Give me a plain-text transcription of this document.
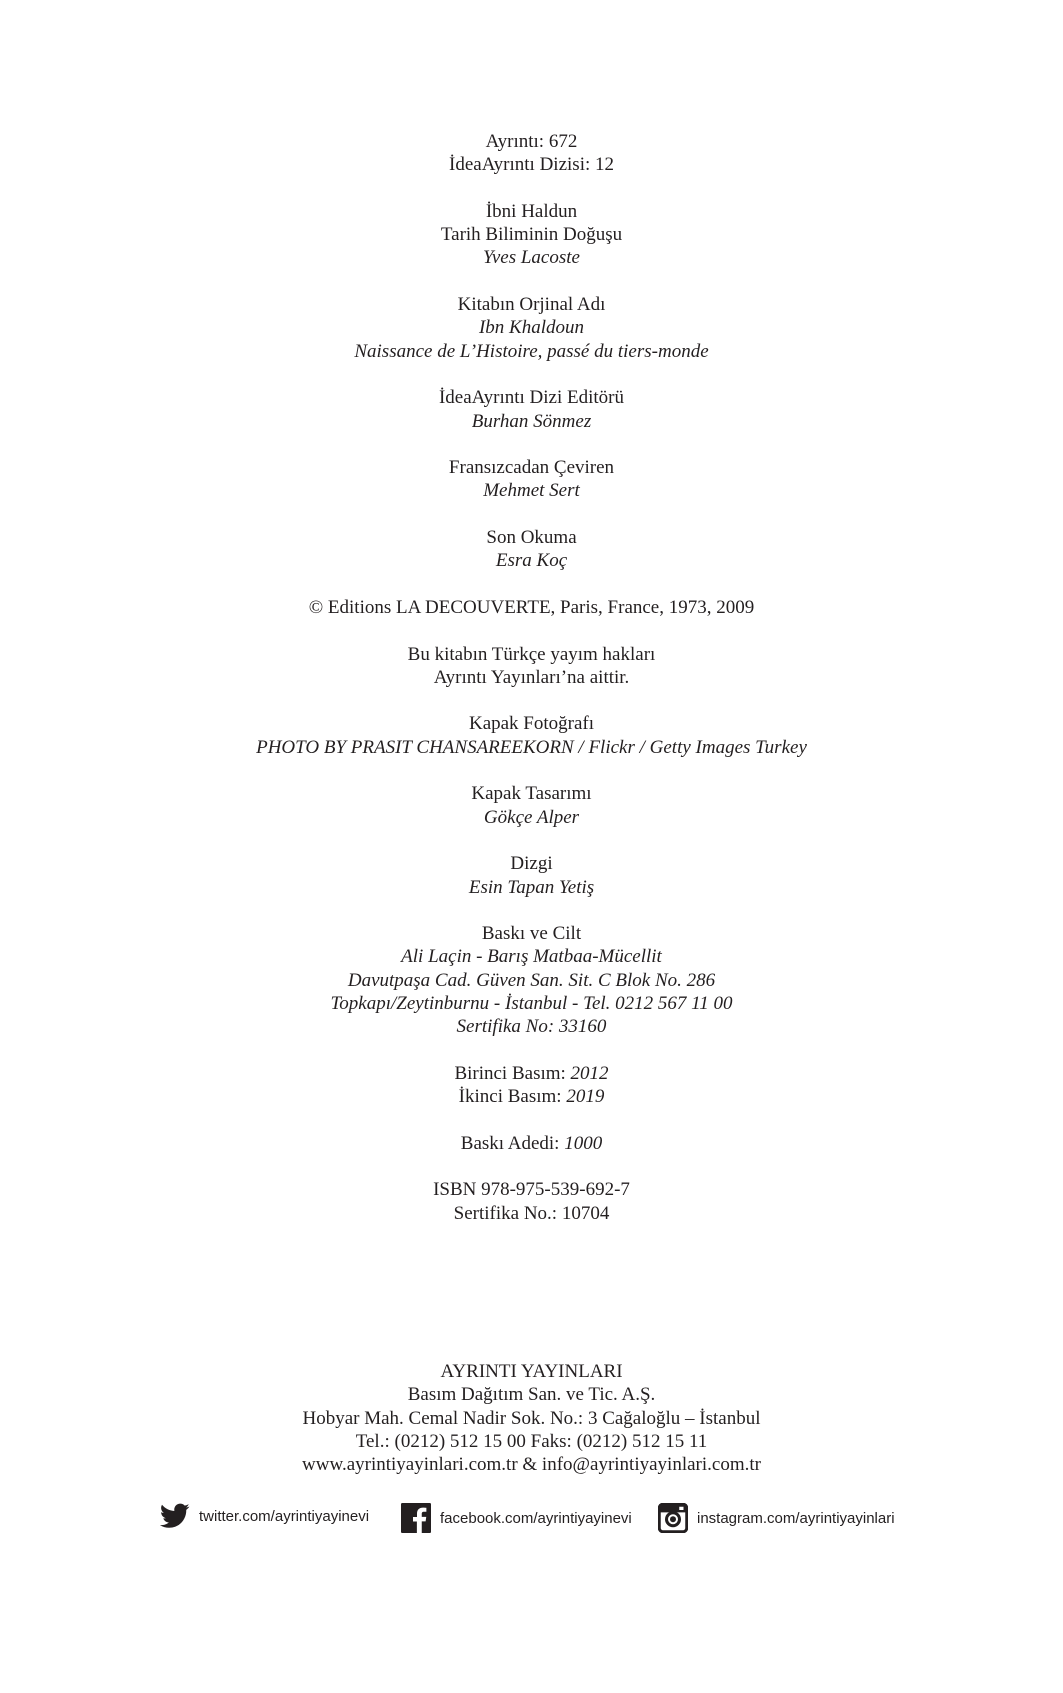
Ayrıntı: 672
İdeaAyrıntı Dizisi: 12
İbni Haldun
Tarih Biliminin Doğuşu
Yves Lacoste
Kitabın Orjinal Adı
Ibn Khaldoun
Naissance de L’Histoire, passé du tiers-monde
İdeaAyrıntı Dizi Editörü
Burhan Sönmez
Fransızcadan Çeviren
Mehmet Sert
Son Okuma
Esra Koç
© Editions LA DECOUVERTE, Paris, France, 1973, 2009
Bu kitabın Türkçe yayım hakları
Ayrıntı Yayınları’na aittir.
Kapak Fotoğrafı
PHOTO BY PRASIT CHANSAREEKORN / Flickr / Getty Images Turkey
Kapak Tasarımı
Gökçe Alper
Dizgi
Esin Tapan Yetiş
Baskı ve Cilt
Ali Laçin - Barış Matbaa-Mücellit
Davutpaşa Cad. Güven San. Sit. C Blok No. 286
Topkapı/Zeytinburnu - İstanbul - Tel. 0212 567 11 00
Sertifika No: 33160
Birinci Basım: 2012
İkinci Basım: 2019
Baskı Adedi: 1000
ISBN 978-975-539-692-7
Sertifika No.: 10704
AYRINTI YAYINLARI
Basım Dağıtım San. ve Tic. A.Ş.
Hobyar Mah. Cemal Nadir Sok. No.: 3 Cağaloğlu – İstanbul
Tel.: (0212) 512 15 00 Faks: (0212) 512 15 11
www.ayrintiyayinlari.com.tr & info@ayrintiyayinlari.com.tr
twitter.com/ayrintiyayinevi	facebook.com/ayrintiyayinevi	instagram.com/ayrintiyayinlari
